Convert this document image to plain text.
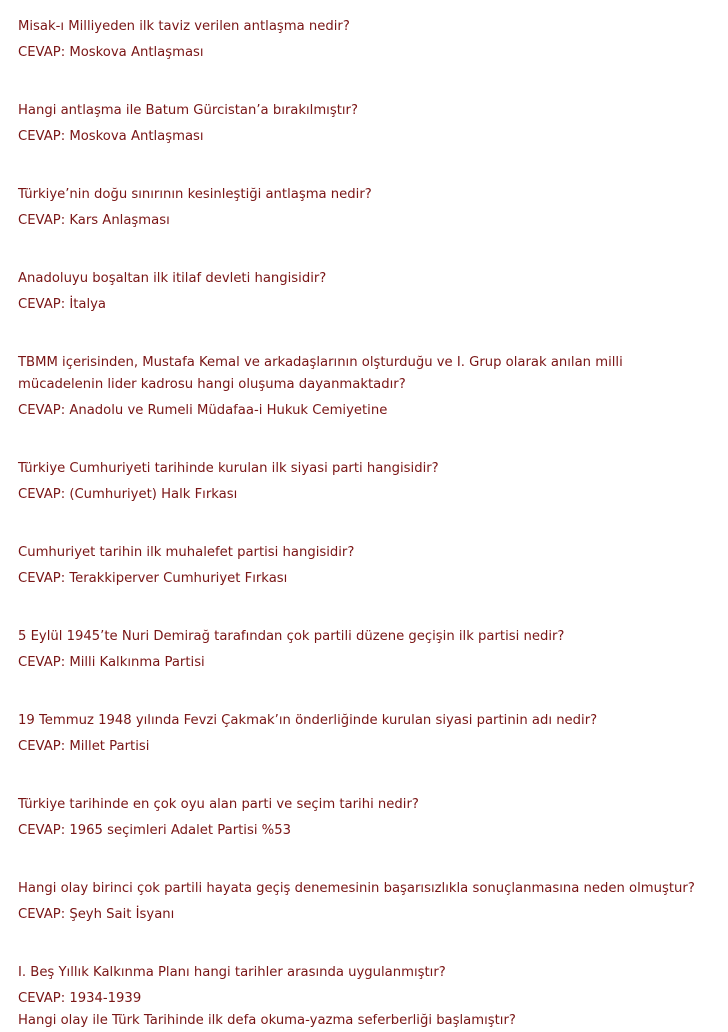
Misak-ı Milliyeden ilk taviz verilen antlaşma nedir?
CEVAP: Moskova Antlaşması
Hangi antlaşma ile Batum Gürcistan’a bırakılmıştır?
CEVAP: Moskova Antlaşması
Türkiye’nin doğu sınırının kesinleştiği antlaşma nedir?
CEVAP: Kars Anlaşması
Anadoluyu boşaltan ilk itilaf devleti hangisidir?
CEVAP: İtalya
TBMM içerisinden, Mustafa Kemal ve arkadaşlarının olşturduğu ve I. Grup olarak anılan milli
mücadelenin lider kadrosu hangi oluşuma dayanmaktadır?
CEVAP: Anadolu ve Rumeli Müdafaa-i Hukuk Cemiyetine
Türkiye Cumhuriyeti tarihinde kurulan ilk siyasi parti hangisidir?
CEVAP: (Cumhuriyet) Halk Fırkası
Cumhuriyet tarihin ilk muhalefet partisi hangisidir?
CEVAP: Terakkiperver Cumhuriyet Fırkası
5 Eylül 1945’te Nuri Demirağ tarafından çok partili düzene geçişin ilk partisi nedir?
CEVAP: Milli Kalkınma Partisi
19 Temmuz 1948 yılında Fevzi Çakmak’ın önderliğinde kurulan siyasi partinin adı nedir?
CEVAP: Millet Partisi
Türkiye tarihinde en çok oyu alan parti ve seçim tarihi nedir?
CEVAP: 1965 seçimleri Adalet Partisi %53
Hangi olay birinci çok partili hayata geçiş denemesinin başarısızlıkla sonuçlanmasına neden olmuştur?
CEVAP: Şeyh Sait İsyanı
I. Beş Yıllık Kalkınma Planı hangi tarihler arasında uygulanmıştır?
CEVAP: 1934-1939
Hangi olay ile Türk Tarihinde ilk defa okuma-yazma seferberliği başlamıştır?
